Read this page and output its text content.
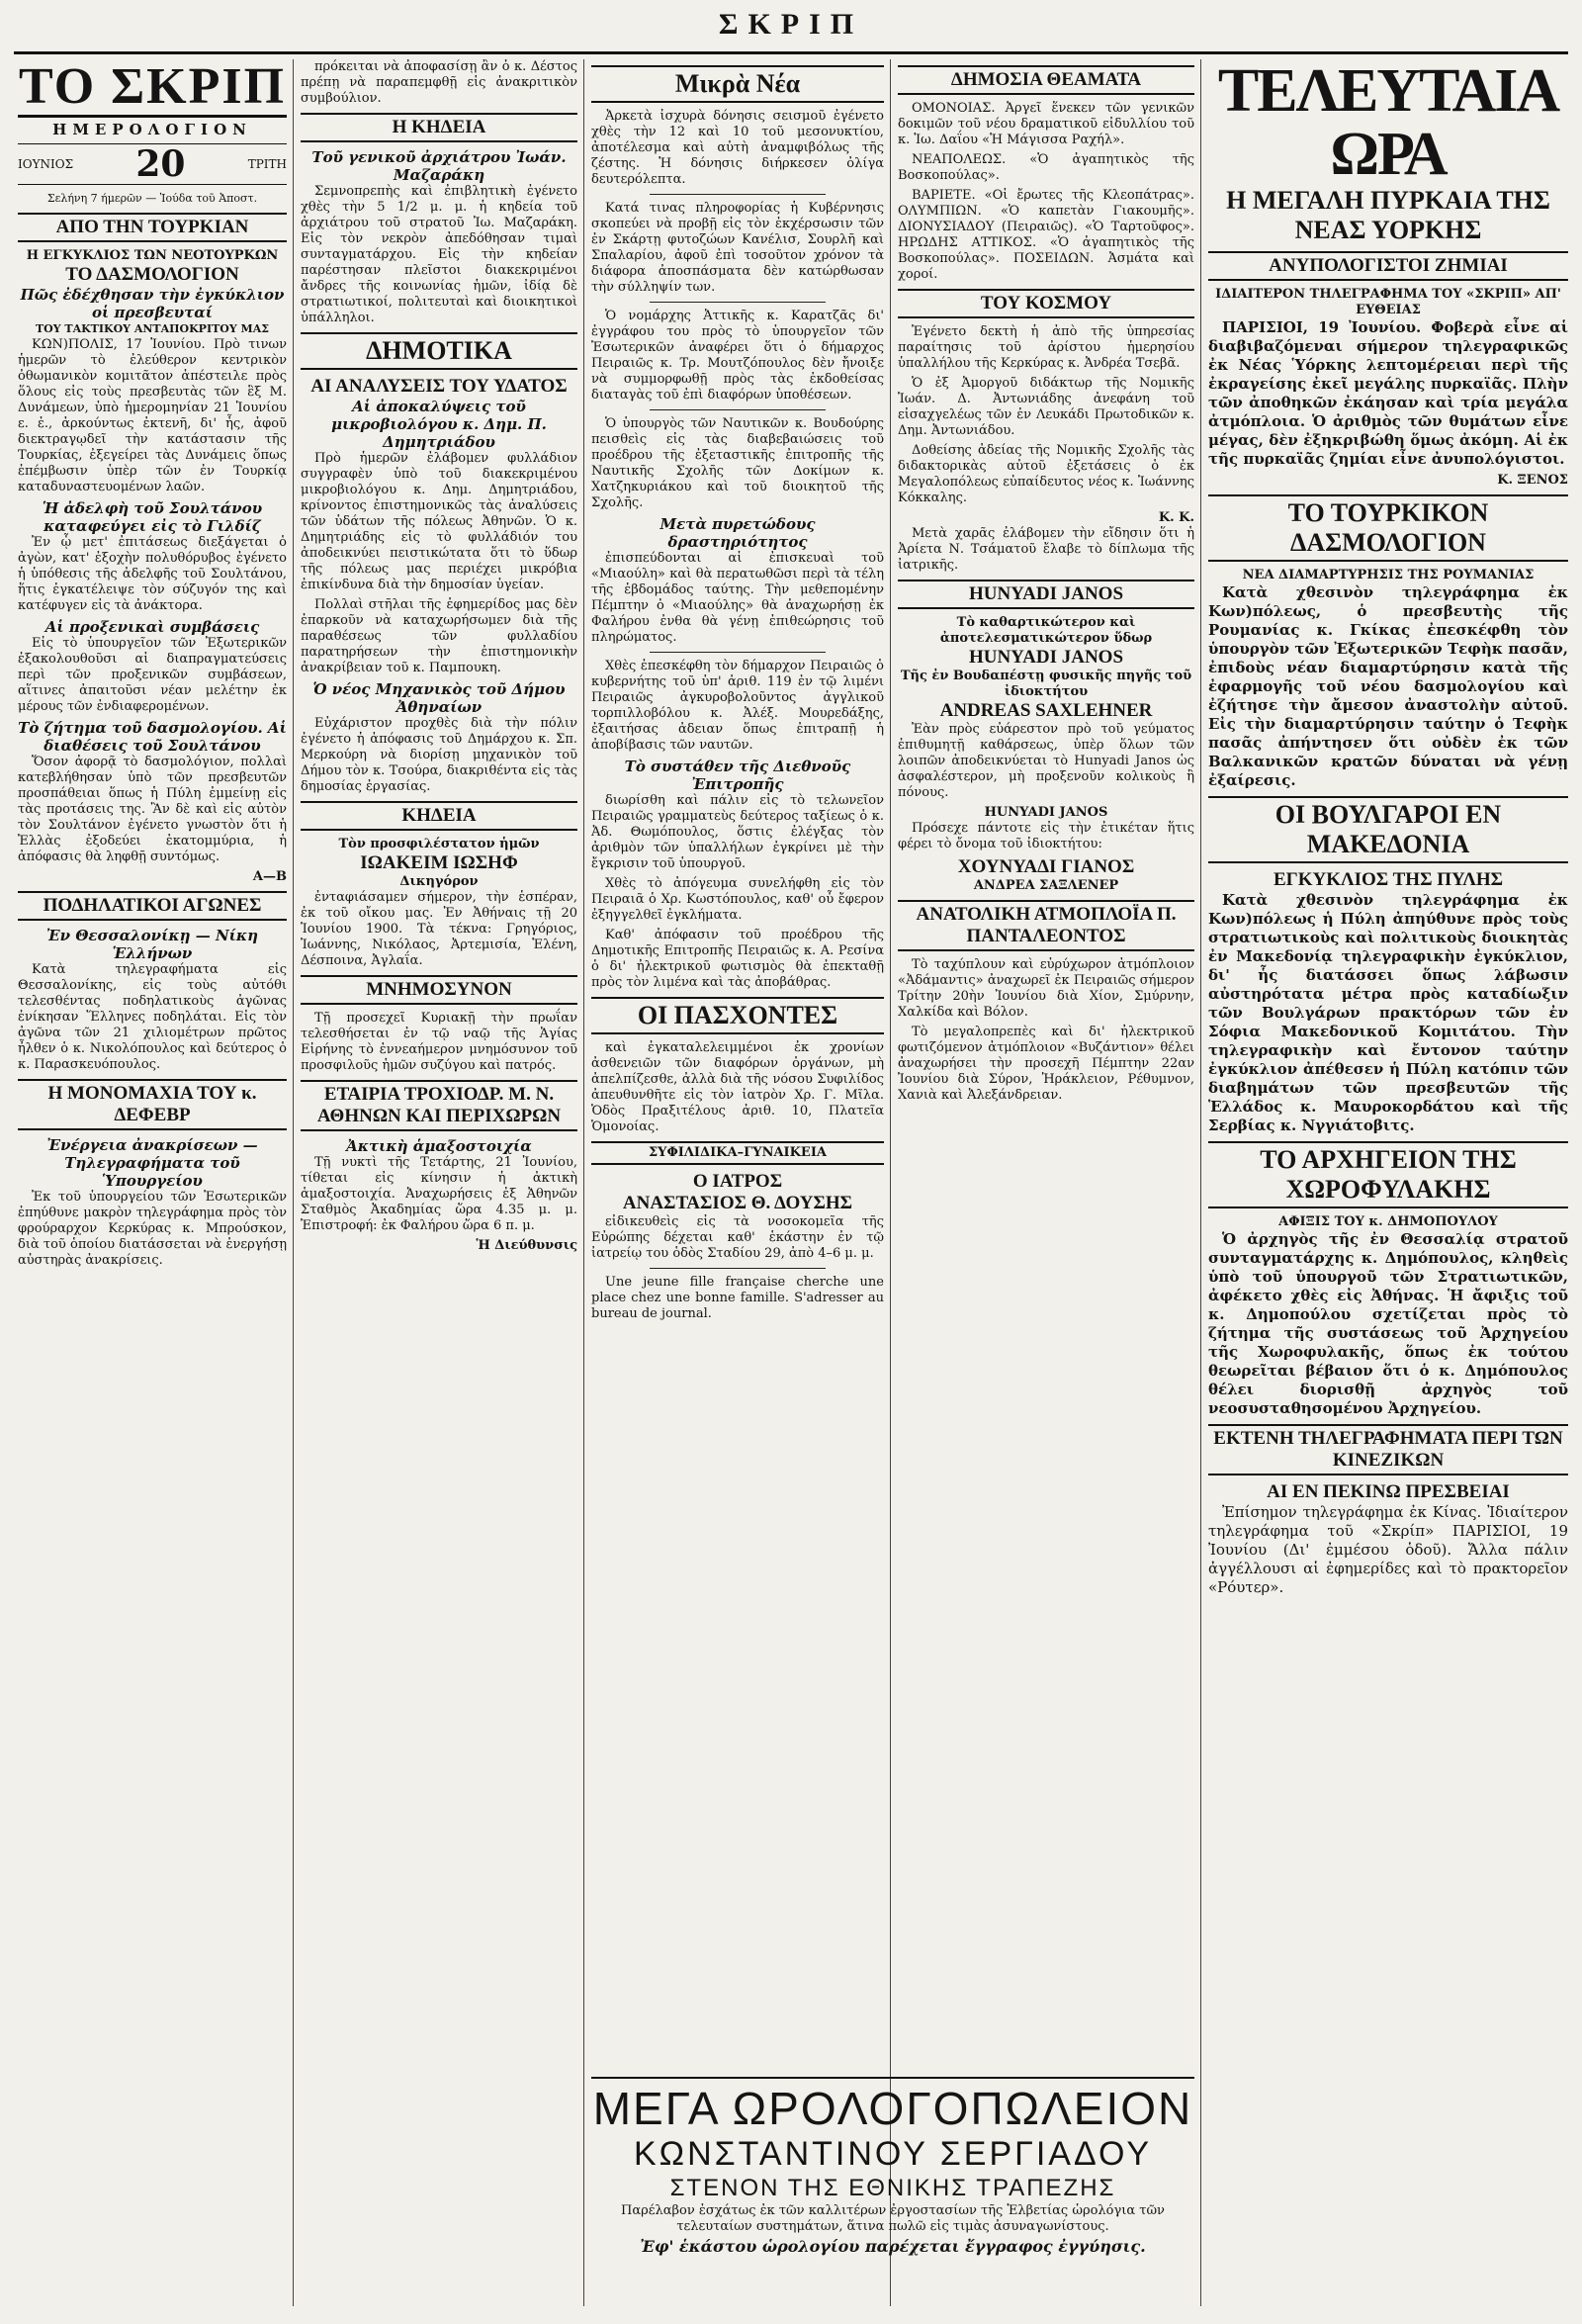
ΣΚΡΙΠ
ΤΟ ΣΚΡΙΠ
ΗΜΕΡΟΛΟΓΙΟΝ
ΙΟΥΝΙΟΣ 20	ΤΡΙΤΗ
Σελήνη 7 ήμερῶν — Ἰούδα τοῦ Ἀποστ.
ΑΠΟ ΤΗΝ ΤΟΥΡΚΙΑΝ
Η ΕΓΚΥΚΛΙΟΣ ΤΩΝ ΝΕΟΤΟΥΡΚΩΝ
ΤΟ ΔΑΣΜΟΛΟΓΙΟΝ
Πῶς ἐδέχθησαν τὴν ἐγκύκλιον οἱ πρεσβευταί
ΤΟΥ ΤΑΚΤΙΚΟΥ ΑΝΤΑΠΟΚΡΙΤΟΥ ΜΑΣ

ΚΩΝ)ΠΟΛΙΣ, 17 Ἰουνίου. Πρὸ τινων ἡμερῶν τὸ ἐλεύθερον κεντρικὸν ὀθωμανικὸν κομιτᾶτον ἀπέστειλε πρὸς ὅλους εἰς τοὺς πρεσβευτὰς τῶν ἓξ Μ. Δυνάμεων, ὑπὸ ἡμερομηνίαν 21 Ἰουνίου ε. ἐ., ἀρκούντως ἐκτενῆ, δι' ἧς, ἀφοῦ διεκτραγῳδεῖ τὴν κατάστασιν τῆς Τουρκίας, ἐξεγείρει τὰς Δυνάμεις ὅπως ἐπέμβωσιν ὑπὲρ τῶν ἐν Τουρκίᾳ καταδυναστευομένων λαῶν.

Ἡ ἀδελφὴ τοῦ Σουλτάνου καταφεύγει εἰς τὸ Γιλδίζ

Ἐν ᾧ μετ' ἐπιτάσεως διεξάγεται ὁ ἀγὼν, κατ' ἐξοχὴν πολυθόρυβος ἐγένετο ἡ ὑπόθεσις τῆς ἀδελφῆς τοῦ Σουλτάνου, ἥτις ἐγκατέλειψε τὸν σύζυγόν της καὶ κατέφυγεν εἰς τὰ ἀνάκτορα.

Αἱ προξενικαὶ συμβάσεις

Εἰς τὸ ὑπουργεῖον τῶν Ἐξωτερικῶν ἐξακολουθοῦσι αἱ διαπραγματεύσεις περὶ τῶν προξενικῶν συμβάσεων, αἵτινες ἀπαιτοῦσι νέαν μελέτην ἐκ μέρους τῶν ἐνδιαφερομένων.

Τὸ ζήτημα τοῦ δασμολογίου. Αἱ διαθέσεις τοῦ Σουλτάνου

Ὅσον ἀφορᾷ τὸ δασμολόγιον, πολλαὶ κατεβλήθησαν ὑπὸ τῶν πρεσβευτῶν προσπάθειαι ὅπως ἡ Πύλη ἐμμείνῃ εἰς τὰς προτάσεις της. Ἂν δὲ καὶ εἰς αὐτὸν τὸν Σουλτάνον ἐγένετο γνωστὸν ὅτι ἡ Ἑλλὰς ἐξοδεύει ἑκατομμύρια, ἡ ἀπόφασις θὰ ληφθῇ συντόμως.

Α—Β
ΠΟΔΗΛΑΤΙΚΟΙ ΑΓΩΝΕΣ
Ἐν Θεσσαλονίκῃ — Νίκη Ἑλλήνων

Κατὰ τηλεγραφήματα εἰς Θεσσαλονίκης, εἰς τοὺς αὐτόθι τελεσθέντας ποδηλατικοὺς ἀγῶνας ἐνίκησαν Ἕλληνες ποδηλάται. Εἰς τὸν ἀγῶνα τῶν 21 χιλιομέτρων πρῶτος ἦλθεν ὁ κ. Νικολόπουλος καὶ δεύτερος ὁ κ. Παρασκευόπουλος.

Η ΜΟΝΟΜΑΧΙΑ ΤΟΥ κ. ΔΕΦΕΒΡ
Ἐνέργεια ἀνακρίσεων — Τηλεγραφήματα τοῦ Ὑπουργείου

Ἐκ τοῦ ὑπουργείου τῶν Ἐσωτερικῶν ἐπηύθυνε μακρὸν τηλεγράφημα πρὸς τὸν φρούραρχον Κερκύρας κ. Μπρούσκον, διὰ τοῦ ὁποίου διατάσσεται νὰ ἐνεργήσῃ αὐστηρὰς ἀνακρίσεις.

πρόκειται νὰ ἀποφασίσῃ ἂν ὁ κ. Δέστος πρέπῃ νὰ παραπεμφθῇ εἰς ἀνακριτικὸν συμβούλιον.

Η ΚΗΔΕΙΑ
Τοῦ γενικοῦ ἀρχιάτρου Ἰωάν. Μαζαράκη

Σεμνοπρεπὴς καὶ ἐπιβλητικὴ ἐγένετο χθὲς τὴν 5 1/2 μ. μ. ἡ κηδεία τοῦ ἀρχιάτρου τοῦ στρατοῦ Ἰω. Μαζαράκη. Εἰς τὸν νεκρὸν ἀπεδόθησαν τιμαὶ συνταγματάρχου. Εἰς τὴν κηδείαν παρέστησαν πλεῖστοι διακεκριμένοι ἄνδρες τῆς κοινωνίας ἡμῶν, ἰδίᾳ δὲ στρατιωτικοί, πολιτευταὶ καὶ διοικητικοὶ ὑπάλληλοι.

ΔΗΜΟΤΙΚΑ
ΑΙ ΑΝΑΛΥΣΕΙΣ ΤΟΥ ΥΔΑΤΟΣ
Αἱ ἀποκαλύψεις τοῦ μικροβιολόγου κ. Δημ. Π. Δημητριάδου

Πρὸ ἡμερῶν ἐλάβομεν φυλλάδιον συγγραφὲν ὑπὸ τοῦ διακεκριμένου μικροβιολόγου κ. Δημ. Δημητριάδου, κρίνοντος ἐπιστημονικῶς τὰς ἀναλύσεις τῶν ὑδάτων τῆς πόλεως Ἀθηνῶν. Ὁ κ. Δημητριάδης εἰς τὸ φυλλάδιόν του ἀποδεικνύει πειστικώτατα ὅτι τὸ ὕδωρ τῆς πόλεως μας περιέχει μικρόβια ἐπικίνδυνα διὰ τὴν δημοσίαν ὑγείαν.

Πολλαὶ στῆλαι τῆς ἐφημερίδος μας δὲν ἐπαρκοῦν νὰ καταχωρήσωμεν διὰ τῆς παραθέσεως τῶν φυλλαδίου παρατηρήσεων τὴν ἐπιστημονικὴν ἀνακρίβειαν τοῦ κ. Παμπουκη.

Ὁ νέος Μηχανικὸς τοῦ Δήμου Ἀθηναίων

Εὐχάριστον προχθὲς διὰ τὴν πόλιν ἐγένετο ἡ ἀπόφασις τοῦ Δημάρχου κ. Σπ. Μερκούρη νὰ διορίσῃ μηχανικὸν τοῦ Δήμου τὸν κ. Τσούρα, διακριθέντα εἰς τὰς δημοσίας ἐργασίας.

ΚΗΔΕΙΑ
Τὸν προσφιλέστατον ἡμῶν
ΙΩΑΚΕΙΜ ΙΩΣΗΦ
Δικηγόρον

ἐνταφιάσαμεν σήμερον, τὴν ἑσπέραν, ἐκ τοῦ οἴκου μας. Ἐν Ἀθήναις τῇ 20 Ἰουνίου 1900. Τὰ τέκνα: Γρηγόριος, Ἰωάννης, Νικόλαος, Ἀρτεμισία, Ἑλένη, Δέσποινα, Ἀγλαΐα.

ΜΝΗΜΟΣΥΝΟΝ

Τῇ προσεχεῖ Κυριακῇ τὴν πρωΐαν τελεσθήσεται ἐν τῷ ναῷ τῆς Ἁγίας Εἰρήνης τὸ ἐννεαήμερον μνημόσυνον τοῦ προσφιλοῦς ἡμῶν συζύγου καὶ πατρός.

ΕΤΑΙΡΙΑ ΤΡΟΧΙΟΔΡ. Μ. Ν. ΑΘΗΝΩΝ ΚΑΙ ΠΕΡΙΧΩΡΩΝ
Ἀκτικὴ ἁμαξοστοιχία

Τῇ νυκτὶ τῆς Τετάρτης, 21 Ἰουνίου, τίθεται εἰς κίνησιν ἡ ἀκτικὴ ἁμαξοστοιχία. Ἀναχωρήσεις ἐξ Ἀθηνῶν Σταθμὸς Ἀκαδημίας ὥρα 4.35 μ. μ. Ἐπιστροφή: ἐκ Φαλήρου ὥρα 6 π. μ.

Ἡ Διεύθυνσις
Μικρὰ Νέα

Ἀρκετὰ ἰσχυρὰ δόνησις σεισμοῦ ἐγένετο χθὲς τὴν 12 καὶ 10 τοῦ μεσονυκτίου, ἀποτέλεσμα καὶ αὐτὴ ἀναμφιβόλως τῆς ζέστης. Ἡ δόνησις διήρκεσεν ὀλίγα δευτερόλεπτα.

Κατά τινας πληροφορίας ἡ Κυβέρνησις σκοπεύει νὰ προβῇ εἰς τὸν ἐκχέρσωσιν τῶν ἐν Σκάρτῃ φυτοζώων Κανέλισ, Σουρλῆ καὶ Σπαλαρίου, ἀφοῦ ἐπὶ τοσοῦτον χρόνον τὰ διάφορα ἀποσπάσματα δὲν κατώρθωσαν τὴν σύλληψίν των.

Ὁ νομάρχης Ἀττικῆς κ. Καρατζᾶς δι' ἐγγράφου του πρὸς τὸ ὑπουργεῖον τῶν Ἐσωτερικῶν ἀναφέρει ὅτι ὁ δήμαρχος Πειραιῶς κ. Τρ. Μουτζόπουλος δὲν ἤνοιξε νὰ συμμορφωθῇ πρὸς τὰς ἐκδοθείσας διαταγὰς τοῦ ἐπὶ διαφόρων ὑποθέσεων.

Ὁ ὑπουργὸς τῶν Ναυτικῶν κ. Βουδούρης πεισθεὶς εἰς τὰς διαβεβαιώσεις τοῦ προέδρου τῆς ἐξεταστικῆς ἐπιτροπῆς τῆς Ναυτικῆς Σχολῆς τῶν Δοκίμων κ. Χατζηκυριάκου καὶ τοῦ διοικητοῦ τῆς Σχολῆς.

Μετὰ πυρετώδους δραστηριότητος

ἐπισπεύδονται αἱ ἐπισκευαὶ τοῦ «Μιαούλη» καὶ θὰ περατωθῶσι περὶ τὰ τέλη τῆς ἑβδομάδος ταύτης. Τὴν μεθεπομένην Πέμπτην ὁ «Μιαούλης» θὰ ἀναχωρήσῃ ἐκ Φαλήρου ἐνθα θὰ γένῃ ἐπιθεώρησις τοῦ πληρώματος.

Χθὲς ἐπεσκέφθη τὸν δήμαρχον Πειραιῶς ὁ κυβερνήτης τοῦ ὑπ' ἀριθ. 119 ἐν τῷ λιμένι Πειραιῶς ἀγκυροβολοῦντος ἀγγλικοῦ τορπιλλοβόλου κ. Ἀλέξ. Μουρεδάξης, ἐξαιτήσας ἀδειαν ὅπως ἐπιτραπῇ ἡ ἀποβίβασις τῶν ναυτῶν.

Τὸ συστάθεν τῆς Διεθνοῦς Ἐπιτροπῆς

διωρίσθη καὶ πάλιν εἰς τὸ τελωνεῖον Πειραιῶς γραμματεὺς δεύτερος ταξίεως ὁ κ. Ἀδ. Θωμόπουλος, ὅστις ἐλέγξας τὸν ἀριθμὸν τῶν ὑπαλλήλων ἐγκρίνει μὲ τὴν ἔγκρισιν τοῦ ὑπουργοῦ.

Χθὲς τὸ ἀπόγευμα συνελήφθη εἰς τὸν Πειραιᾶ ὁ Χρ. Κωστόπουλος, καθ' οὗ ἔφερον ἐξηγγελθεῖ ἐγκλήματα.

Καθ' ἀπόφασιν τοῦ προέδρου τῆς Δημοτικῆς Επιτροπῆς Πειραιῶς κ. Α. Ρεσίνα ὁ δι' ἠλεκτρικοῦ φωτισμὸς θὰ ἐπεκταθῇ πρὸς τὸν λιμένα καὶ τὰς ἀποβάθρας.

ΟΙ ΠΑΣΧΟΝΤΕΣ

καὶ ἐγκαταλελειμμένοι ἐκ χρονίων ἀσθενειῶν τῶν διαφόρων ὀργάνων, μὴ ἀπελπίζεσθε, ἀλλὰ διὰ τῆς νόσου Συφιλίδος ἀπευθυνθῆτε εἰς τὸν ἰατρὸν Χρ. Γ. Μῖλα. Ὁδὸς Πραξιτέλους ἀριθ. 10, Πλατεῖα Ὁμονοίας.

ΣΥΦΙΛΙΔΙΚΑ–ΓΥΝΑΙΚΕΙΑ
Ο ΙΑΤΡΟΣ
ΑΝΑΣΤΑΣΙΟΣ Θ. ΔΟΥΣΗΣ

εἰδικευθεὶς εἰς τὰ νοσοκομεῖα τῆς Εὐρώπης δέχεται καθ' ἑκάστην ἐν τῷ ἰατρείῳ του ὁδὸς Σταδίου 29, ἀπὸ 4–6 μ. μ.

Une jeune fille française cherche une place chez une bonne famille. S'adresser au bureau de journal.

ΔΗΜΟΣΙΑ ΘΕΑΜΑΤΑ

ΟΜΟΝΟΙΑΣ. Ἀργεῖ ἕνεκεν τῶν γενικῶν δοκιμῶν τοῦ νέου δραματικοῦ εἰδυλλίου τοῦ κ. Ἰω. Δαΐου «Ἡ Μάγισσα Ραχήλ».

ΝΕΑΠΟΛΕΩΣ. «Ὁ ἀγαπητικὸς τῆς Βοσκοπούλας».

ΒΑΡΙΕΤΕ. «Οἱ ἔρωτες τῆς Κλεοπάτρας». ΟΛΥΜΠΙΩΝ. «Ὁ καπετὰν Γιακουμῆς». ΔΙΟΝΥΣΙΑΔΟΥ (Πειραιῶς). «Ὁ Ταρτοῦφος». ΗΡΩΔΗΣ ΑΤΤΙΚΟΣ. «Ὁ ἀγαπητικὸς τῆς Βοσκοπούλας». ΠΟΣΕΙΔΩΝ. Ἀσμάτα καὶ χοροί.

ΤΟΥ ΚΟΣΜΟΥ

Ἐγένετο δεκτὴ ἡ ἀπὸ τῆς ὑπηρεσίας παραίτησις τοῦ ἀρίστου ἡμερησίου ὑπαλλήλου τῆς Κερκύρας κ. Ἀνδρέα Τσεβᾶ.

Ὁ ἐξ Ἀμοργοῦ διδάκτωρ τῆς Νομικῆς Ἰωάν. Δ. Ἀντωνιάδης ἀνεφάνη τοῦ εἰσαχγελέως τῶν ἐν Λευκάδι Πρωτοδικῶν κ. Δημ. Ἀντωνιάδου.

Δοθείσης ἀδείας τῆς Νομικῆς Σχολῆς τὰς διδακτορικὰς αὐτοῦ ἐξετάσεις ὁ ἐκ Μεγαλοπόλεως εὐπαίδευτος νέος κ. Ἰωάννης Κόκκαλης.

Κ. Κ.

Μετὰ χαρᾶς ἐλάβομεν τὴν εἴδησιν ὅτι ἡ Ἀρίετα Ν. Τσάματοῦ ἔλαβε τὸ δίπλωμα τῆς ἰατρικῆς.

HUNYADI JANOS
Τὸ καθαρτικώτερον καὶ ἀποτελεσματικώτερον ὕδωρ
HUNYADI JANOS
Τῆς ἐν Βουδαπέστῃ φυσικῆς πηγῆς τοῦ ἰδιοκτήτου
ANDREAS SAXLEHNER

Ἐὰν πρὸς εὐάρεστον πρὸ τοῦ γεύματος ἐπιθυμητῇ καθάρσεως, ὑπὲρ ὅλων τῶν λοιπῶν ἀποδεικνύεται τὸ Hunyadi Janos ὡς ἀσφαλέστερον, μὴ προξενοῦν κολικοὺς ἢ πόνους.

HUNYADI JANOS

Πρόσεχε πάντοτε εἰς τὴν ἐτικέταν ἥτις φέρει τὸ ὄνομα τοῦ ἰδιοκτήτου:

ΧΟΥΝΥΑΔΙ ΓΙΑΝΟΣ
ΑΝΔΡΕΑ ΣΑΞΛΕΝΕΡ
ΑΝΑΤΟΛΙΚΗ ΑΤΜΟΠΛΟΪΑ Π. ΠΑΝΤΑΛΕΟΝΤΟΣ

Τὸ ταχύπλουν καὶ εὐρύχωρον ἀτμόπλοιον «Ἀδάμαντις» ἀναχωρεῖ ἐκ Πειραιῶς σήμερον Τρίτην 20ὴν Ἰουνίου διὰ Χίον, Σμύρνην, Χαλκίδα καὶ Βόλον.

Τὸ μεγαλοπρεπὲς καὶ δι' ἠλεκτρικοῦ φωτιζόμενον ἀτμόπλοιον «Βυζάντιον» θέλει ἀναχωρήσει τὴν προσεχῆ Πέμπτην 22αν Ἰουνίου διὰ Σύρον, Ἡράκλειον, Ρέθυμνον, Χανιὰ καὶ Ἀλεξάνδρειαν.

ΤΕΛΕΥΤΑΙΑ ΩΡΑ
Η ΜΕΓΑΛΗ ΠΥΡΚΑΙΑ ΤΗΣ ΝΕΑΣ ΥΟΡΚΗΣ
ΑΝΥΠΟΛΟΓΙΣΤΟΙ ΖΗΜΙΑΙ
ΙΔΙΑΙΤΕΡΟΝ ΤΗΛΕΓΡΑΦΗΜΑ ΤΟΥ «ΣΚΡΙΠ» ΑΠ' ΕΥΘΕΙΑΣ

ΠΑΡΙΣΙΟΙ, 19 Ἰουνίου. Φοβερὰ εἶνε αἱ διαβιβαζόμεναι σήμερον τηλεγραφικῶς ἐκ Νέας Ὑόρκης λεπτομέρειαι περὶ τῆς ἐκραγείσης ἐκεῖ μεγάλης πυρκαϊᾶς. Πλὴν τῶν ἀποθηκῶν ἐκάησαν καὶ τρία μεγάλα ἀτμόπλοια. Ὁ ἀριθμὸς τῶν θυμάτων εἶνε μέγας, δὲν ἐξηκριβώθη ὅμως ἀκόμη. Αἱ ἐκ τῆς πυρκαϊᾶς ζημίαι εἶνε ἀνυπολόγιστοι.

Κ. ΞΕΝΟΣ
ΤΟ ΤΟΥΡΚΙΚΟΝ ΔΑΣΜΟΛΟΓΙΟΝ
ΝΕΑ ΔΙΑΜΑΡΤΥΡΗΣΙΣ ΤΗΣ ΡΟΥΜΑΝΙΑΣ

Κατὰ χθεσινὸν τηλεγράφημα ἐκ Κων)πόλεως, ὁ πρεσβευτὴς τῆς Ρουμανίας κ. Γκίκας ἐπεσκέφθη τὸν ὑπουργὸν τῶν Ἐξωτερικῶν Τεφὴκ πασᾶν, ἐπιδοὺς νέαν διαμαρτύρησιν κατὰ τῆς ἐφαρμογῆς τοῦ νέου δασμολογίου καὶ ἐζήτησε τὴν ἄμεσον ἀναστολὴν αὐτοῦ. Εἰς τὴν διαμαρτύρησιν ταύτην ὁ Τεφὴκ πασᾶς ἀπήντησεν ὅτι οὐδὲν ἐκ τῶν Βαλκανικῶν κρατῶν δύναται νὰ γένῃ ἐξαίρεσις.

ΟΙ ΒΟΥΛΓΑΡΟΙ ΕΝ ΜΑΚΕΔΟΝΙΑ
ΕΓΚΥΚΛΙΟΣ ΤΗΣ ΠΥΛΗΣ

Κατὰ χθεσινὸν τηλεγράφημα ἐκ Κων)πόλεως ἡ Πύλη ἀπηύθυνε πρὸς τοὺς στρατιωτικοὺς καὶ πολιτικοὺς διοικητὰς ἐν Μακεδονίᾳ τηλεγραφικὴν ἐγκύκλιον, δι' ἧς διατάσσει ὅπως λάβωσιν αὐστηρότατα μέτρα πρὸς καταδίωξιν τῶν Βουλγάρων πρακτόρων τῶν ἐν Σόφια Μακεδονικοῦ Κομιτάτου. Τὴν τηλεγραφικὴν καὶ ἔντονον ταύτην ἐγκύκλιον ἀπέθεσεν ἡ Πύλη κατόπιν τῶν διαβημάτων τῶν πρεσβευτῶν τῆς Ἑλλάδος κ. Μαυροκορδάτου καὶ τῆς Σερβίας κ. Νγγιάτοβιτς.

ΤΟ ΑΡΧΗΓΕΙΟΝ ΤΗΣ ΧΩΡΟΦΥΛΑΚΗΣ
ΑΦΙΞΙΣ ΤΟΥ κ. ΔΗΜΟΠΟΥΛΟΥ

Ὁ ἀρχηγὸς τῆς ἐν Θεσσαλίᾳ στρατοῦ συνταγματάρχης κ. Δημόπουλος, κληθεὶς ὑπὸ τοῦ ὑπουργοῦ τῶν Στρατιωτικῶν, ἀφέκετο χθὲς εἰς Ἀθήνας. Ἡ ἄφιξις τοῦ κ. Δημοπούλου σχετίζεται πρὸς τὸ ζήτημα τῆς συστάσεως τοῦ Ἀρχηγείου τῆς Χωροφυλακῆς, ὅπως ἐκ τούτου θεωρεῖται βέβαιον ὅτι ὁ κ. Δημόπουλος θέλει διορισθῇ ἀρχηγὸς τοῦ νεοσυσταθησομένου Ἀρχηγείου.

ΕΚΤΕΝΗ ΤΗΛΕΓΡΑΦΗΜΑΤΑ ΠΕΡΙ ΤΩΝ ΚΙΝΕΖΙΚΩΝ
ΑΙ ΕΝ ΠΕΚΙΝΩ ΠΡΕΣΒΕΙΑΙ

Ἐπίσημον τηλεγράφημα ἐκ Κίνας. Ἰδιαίτερον τηλεγράφημα τοῦ «Σκρίπ» ΠΑΡΙΣΙΟΙ, 19 Ἰουνίου (Δι' ἐμμέσου ὁδοῦ). Ἄλλα πάλιν ἀγγέλλουσι αἱ ἐφημερίδες καὶ τὸ πρακτορεῖον «Ρόυτερ».

ΜΕΓΑ ΩΡΟΛΟΓΟΠΩΛΕΙΟΝ
ΚΩΝΣΤΑΝΤΙΝΟΥ ΣΕΡΓΙΑΔΟΥ
ΣΤΕΝΟΝ ΤΗΣ ΕΘΝΙΚΗΣ ΤΡΑΠΕΖΗΣ

Παρέλαβον ἐσχάτως ἐκ τῶν καλλιτέρων ἐργοστασίων τῆς Ἑλβετίας ὡρολόγια τῶν τελευταίων συστημάτων, ἅτινα πωλῶ εἰς τιμὰς ἀσυναγωνίστους.

Ἐφ' ἑκάστου ὡρολογίου παρέχεται ἔγγραφος ἐγγύησις.
